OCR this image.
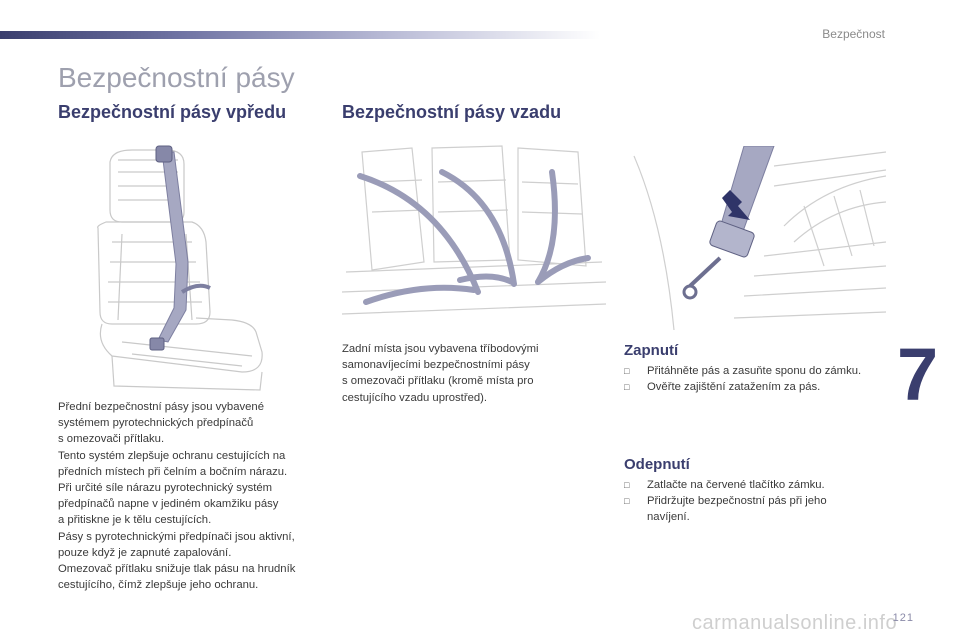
Bezpečnost
Bezpečnostní pásy
Bezpečnostní pásy vpředu	Bezpečnostní pásy vzadu

Přední bezpečnostní pásy jsou vybavené

systémem pyrotechnických předpínačů

s omezovači přítlaku.

Tento systém zlepšuje ochranu cestujících na

předních místech při čelním a bočním nárazu.

Při určité síle nárazu pyrotechnický systém

předpínačů napne v jediném okamžiku pásy

a přitiskne je k tělu cestujících.

Pásy s pyrotechnickými předpínači jsou aktivní,

pouze když je zapnuté zapalování.

Omezovač přítlaku snižuje tlak pásu na hrudník

cestujícího, čímž zlepšuje jeho ochranu.

Zadní místa jsou vybavena tříbodovými

samonavíjecími bezpečnostními pásy

s omezovači přítlaku (kromě místa pro

cestujícího vzadu uprostřed).

Zapnutí
□ Přitáhněte pás a zasuňte sponu do zámku.
□ Ověřte zajištění zatažením za pás.
Odepnutí
□ Zatlačte na červené tlačítko zámku.
□ Přidržujte bezpečnostní pás při jeho navíjení.
7
carmanualsonline.info
121
